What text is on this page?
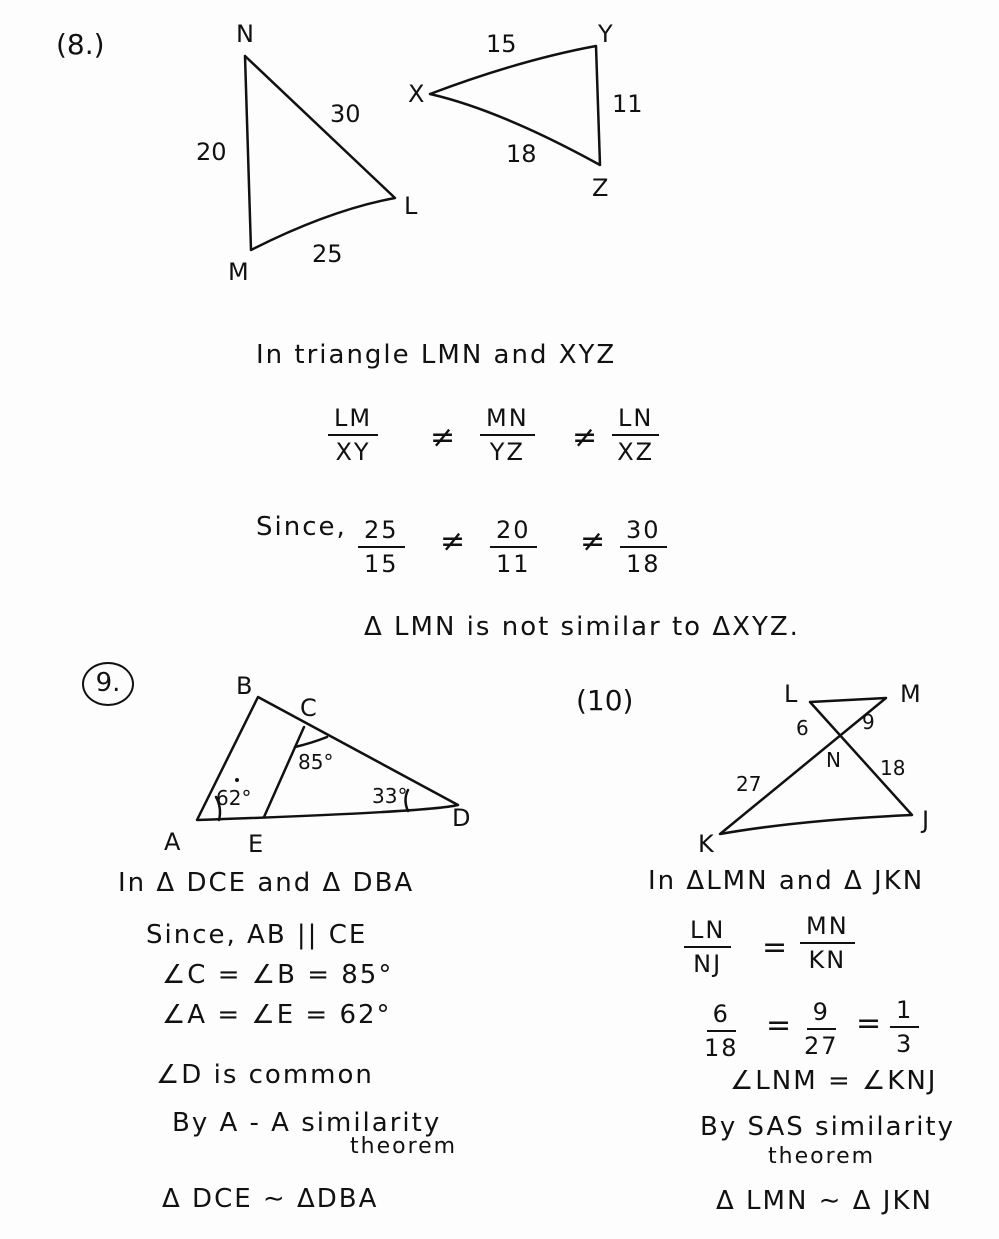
(8.)	N
M
L
20
30
25
X
Y
Z
15
11
18
In triangle LMN and XYZ
$\frac{LM}{XY} \ne \frac{MN}{YZ} \ne \frac{LN}{XZ}$
Since, $\frac{25}{15} \ne \frac{20}{11} \ne \frac{30}{18}$
Δ LMN is not similar to ΔXYZ.
9.	B
C
A	E
D
62°
85°
33°
In Δ DCE and Δ DBA
Since, AB || CE
∠C = ∠B = 85°
∠A = ∠E = 62°
∠D is common
By A - A similarity
theorem
Δ DCE ∼ ΔDBA
(10)	L	M
N
J
K
6	9
18
27
In ΔLMN and Δ JKN
$\frac{LN}{NJ} = \frac{MN}{KN}$
$\frac{6}{18} = \frac{9}{27} = \frac{1}{3}$
∠LNM = ∠KNJ
By SAS similarity
theorem
Δ LMN ∼ Δ JKN
